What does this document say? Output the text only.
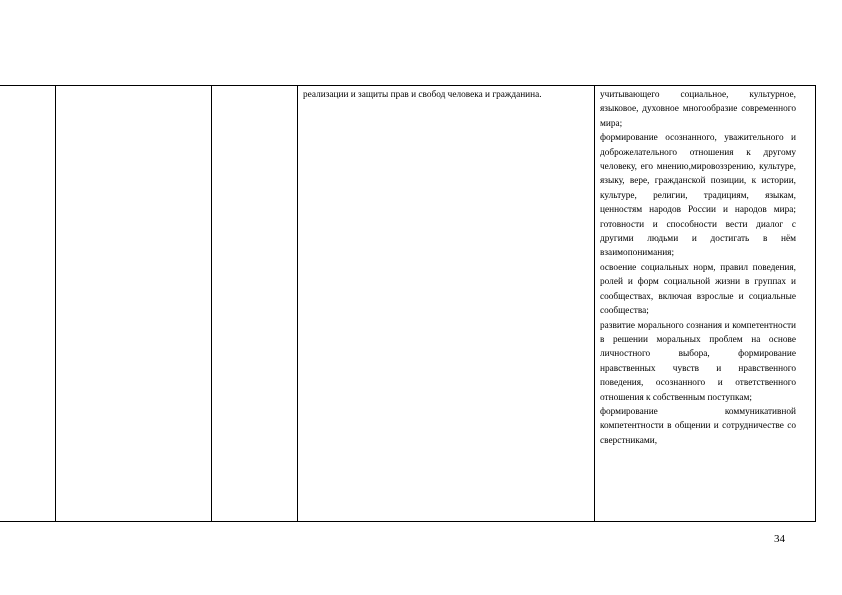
реализации и защиты прав и свобод человека и гражданина.	учитывающего социальное, культурное, языковое, духовное многообразие современного мира;

формирование осознанного, уважительного и доброжелательного отношения к другому человеку, его мнению,мировоззрению, культуре, языку, вере, гражданской позиции, к истории, культуре, религии, традициям, языкам, ценностям народов России и народов мира; готовности и способности вести диалог с другими людьми и достигать в нём взаимопонимания;

освоение социальных норм, правил поведения, ролей и форм социальной жизни в группах и сообществах, включая взрослые и социальные сообщества;

развитие морального сознания и компетентности в решении моральных проблем на основе личностного выбора, формирование нравственных чувств и нравственного поведения, осознанного и ответственного отношения к собственным поступкам;

формирование коммуникативной компетентности в общении и сотрудничестве со сверстниками,

34
